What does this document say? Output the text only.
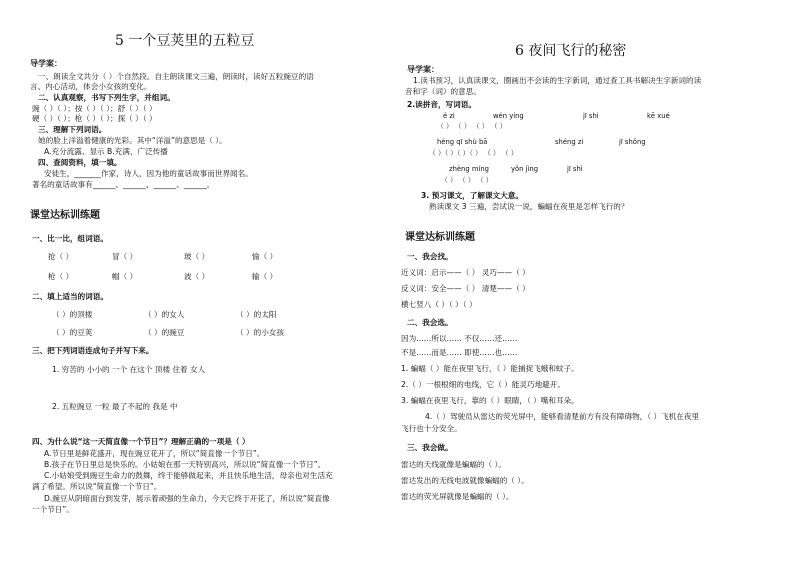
5 一个豆荚里的五粒豆
导学案：
一、朗读全文共分（ ）个自然段。自主朗读课文三遍，朗读时，读好五粒豌豆的语
言、内心活动，体会小女孩的变化。
二、认真观察，书写下列生字，并组词。
豌（ ）（ ）；按（ ）（ ）；舒（ ）（ ）
硬（ ）（ ）；枪（ ）（ ）；探（ ）（ ）
三、理解下列词语。
她的脸上洋溢着健康的光彩。其中“洋溢”的意思是（ ）。
A.充分流露、显示 B.充满、广泛传播
四、查阅资料，填一填。
安徒生，_______作家，诗人，因为他的童话故事而世界闻名。
著名的童话故事有______、______、______、______。
课堂达标训练题
一、比一比，组词语。
抢（ ）	冒（ ）	玻（ ）	愉（ ）
枪（ ）	帽（ ）	波（ ）	输（ ）
二、填上适当的词语。
（ ）的顶楼	（ ）的女人	（ ）的太阳
（ ）的豆荚	（ ）的豌豆	（ ）的小女孩
三、把下列词语连成句子并写下来。
1. 穷苦的 小小的 一个 在这个 顶楼 住着 女人
2. 五粒豌豆 一粒 最了不起的 我是 中
四、为什么说“这一天简直像一个节日”？理解正确的一项是（ ）
A.节日里是鲜花盛开，现在豌豆花开了，所以“简直像一个节日”。
B.孩子在节日里总是快乐的。小姑娘在那一天特别高兴，所以说“简直像一个节日”。
C.小姑娘受到豌豆生命力的鼓舞，终于能够做起来，并且快乐地生活，母亲也对生活充
满了希望。所以说“简直像一个节日”。
D.豌豆从阴暗面台到发芽，展示着顽强的生命力，今天它终于开花了，所以说“简直像
一个节日”。
6 夜间飞行的秘密
导学案：
1.读书预习，认真读课文，圈画出不会读的生字新词，通过查工具书解决生字新词的读
音和字（词）的意思。
2.读拼音，写词语。
é zi	wén yíng	jī shi	kē xué
（ ） （ ） （ ） （ ）
héng qī shù bā	shéng zi	jī shǒng
（ ）（ ）（ ）（ ） （ ） （ ）
zhèng míng	yǒn jìng	jī shì
（ ） （ ） （ ）
3. 预习课文，了解课文大意。
熟读课文 3 三遍，尝试说一说，蝙蝠在夜里是怎样飞行的？
课堂达标训练题
一、我会找。
近义词：启示——（ ） 灵巧——（ ）
反义词：安全——（ ） 清楚——（ ）
横七竖八（ ）（ ）（ ）
二、我会选。
因为……所以…… 不仅……还……
不是……而是…… 即使……也……
1. 蝙蝠（ ）能在夜里飞行，（ ）能捕捉飞蛾和蚊子。
2.（ ）一根根细的电线，它（ ）能灵巧地避开。
3. 蝙蝠在夜里飞行，靠的（ ）眼睛，（ ）嘴和耳朵。
4.（ ）驾驶员从雷达的荧光屏中，能够看清楚前方有没有障碍物，（ ）飞机在夜里
飞行也十分安全。
三、我会做。
雷达的天线就像是蝙蝠的（ ）。
雷达发出的无线电波就像蝙蝠的（ ）。
雷达的荧光屏就像是蝙蝠的（ ）。
